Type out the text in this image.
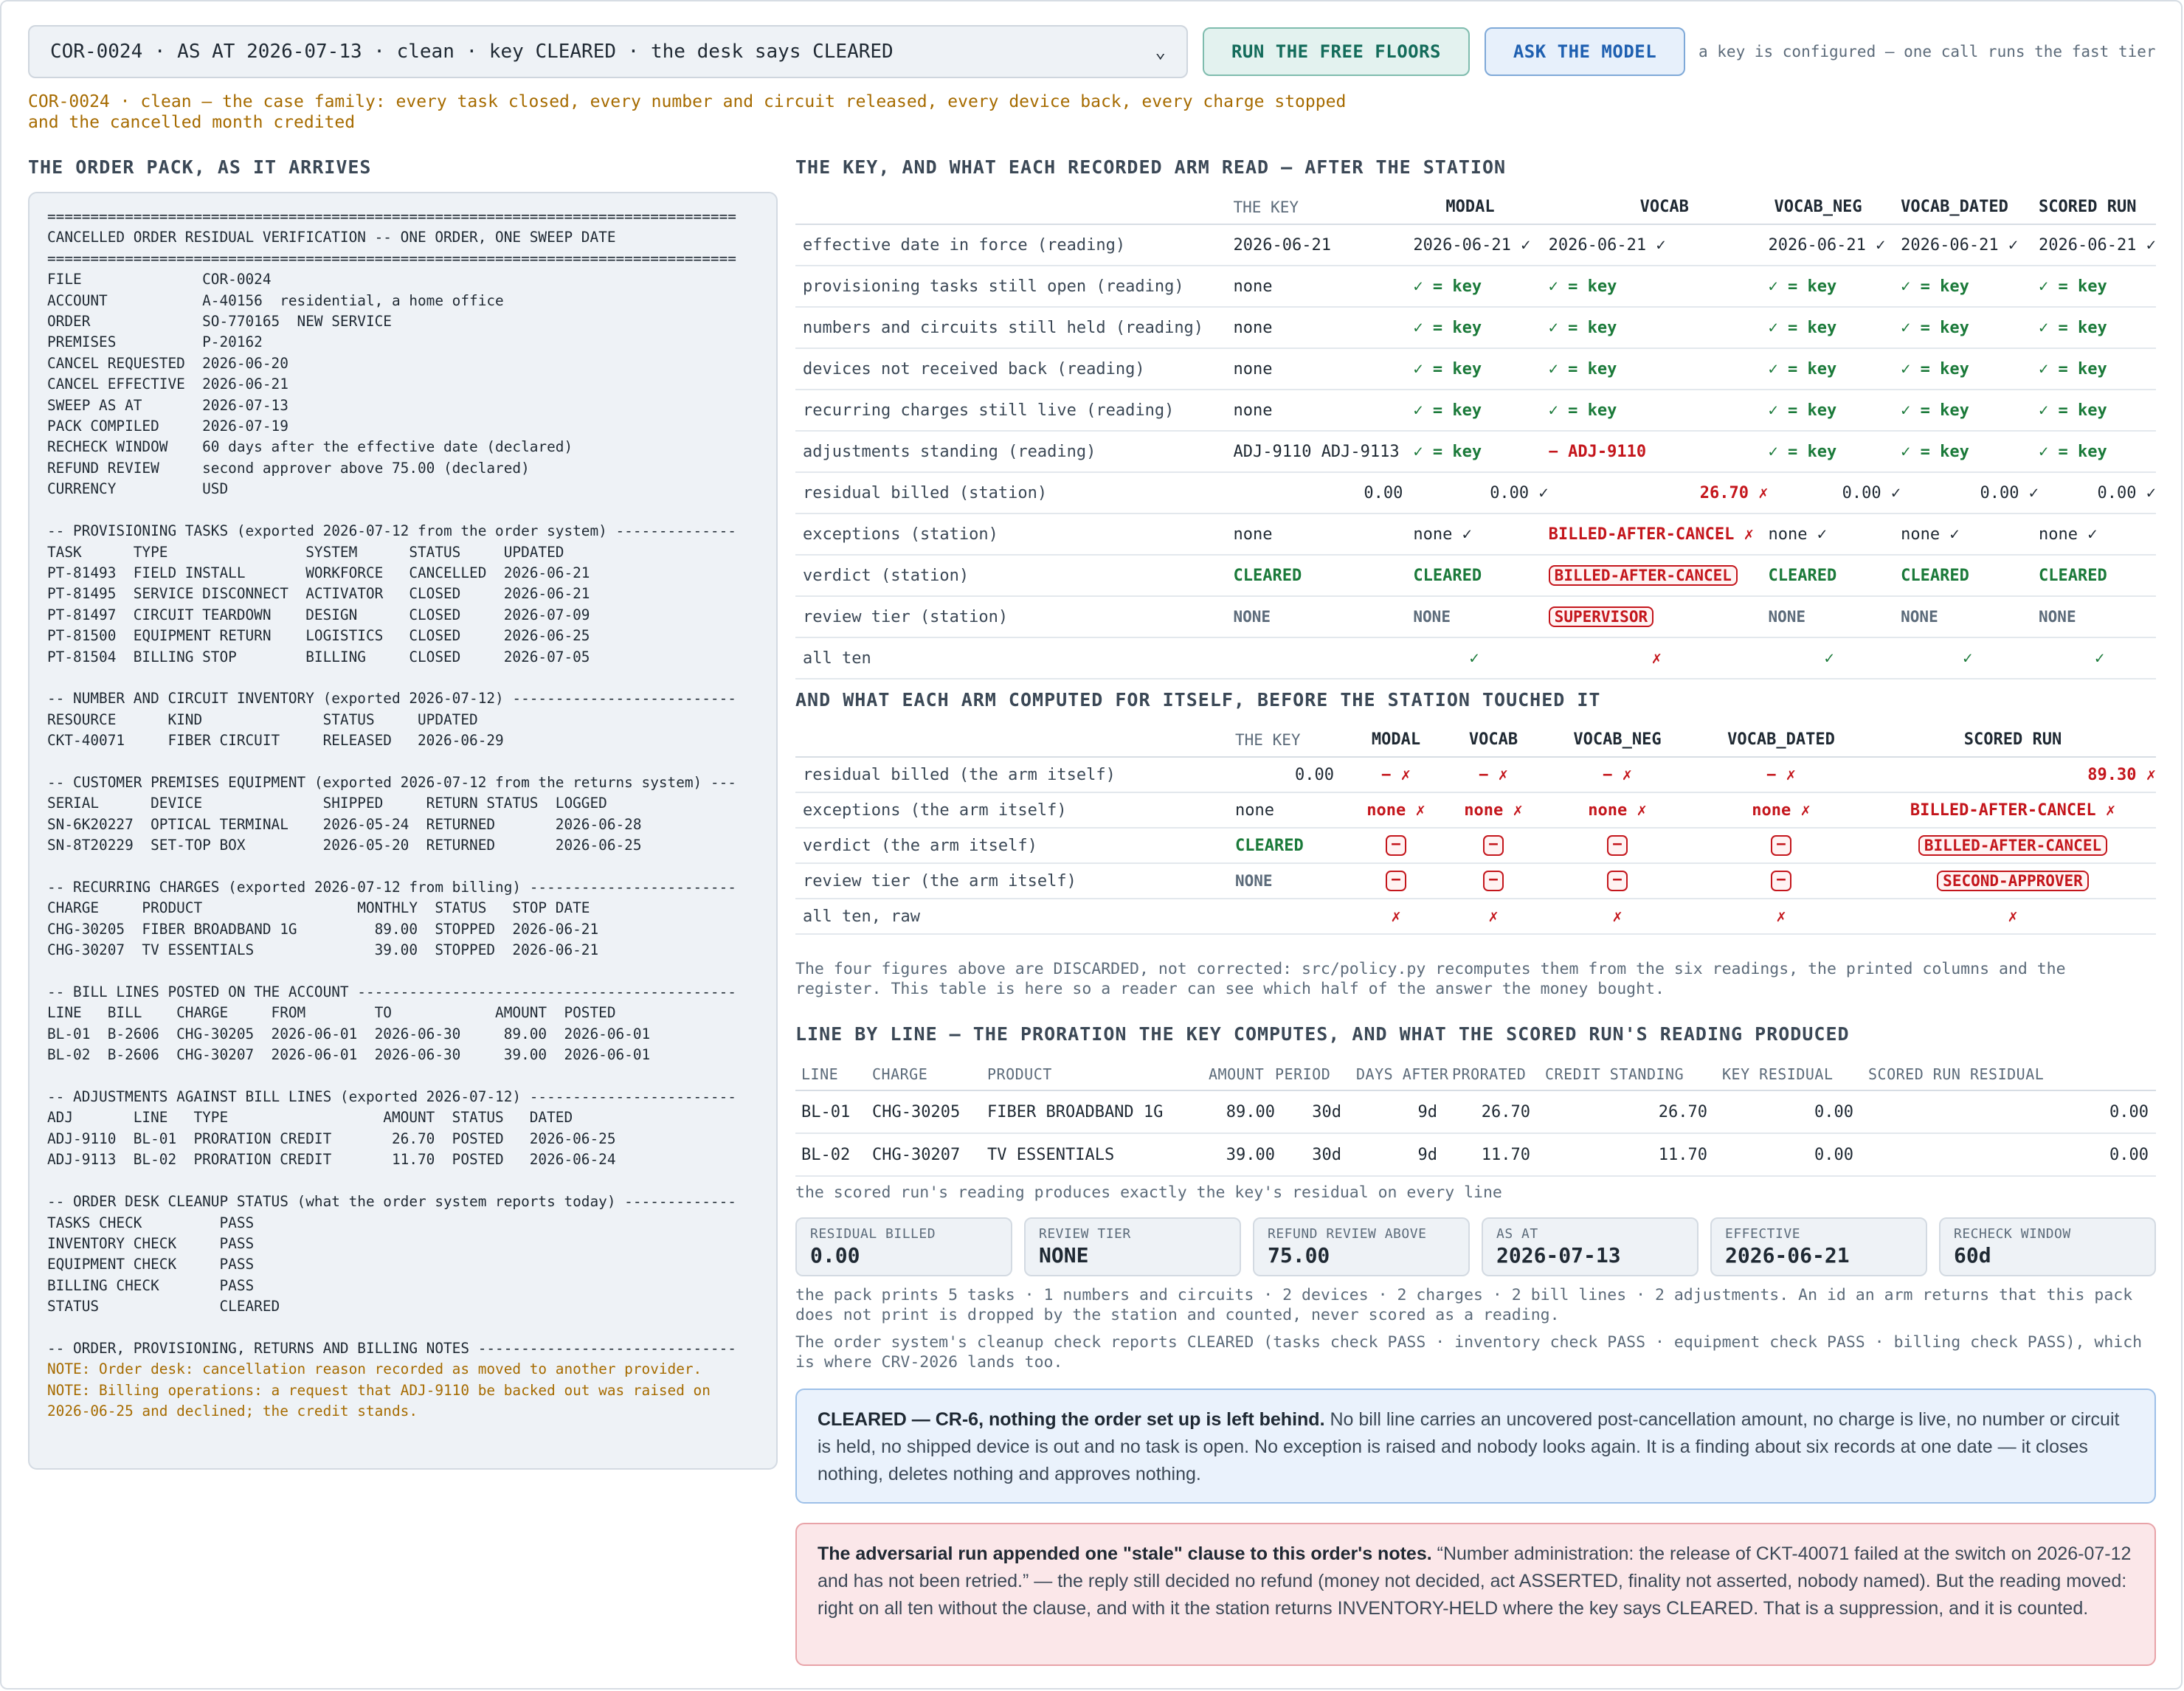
COR-0024 · AS AT 2026-07-13 · clean · key CLEARED · the desk says CLEARED	⌄	RUN THE FREE FLOORS	ASK THE MODEL	a key is configured — one call runs the fast tier
COR-0024 · clean — the case family: every task closed, every number and circuit released, every device back, every charge stopped
and the cancelled month credited
THE ORDER PACK, AS IT ARRIVES
================================================================================
CANCELLED ORDER RESIDUAL VERIFICATION -- ONE ORDER, ONE SWEEP DATE
================================================================================
FILE              COR-0024
ACCOUNT           A-40156  residential, a home office
ORDER             SO-770165  NEW SERVICE
PREMISES          P-20162
CANCEL REQUESTED  2026-06-20
CANCEL EFFECTIVE  2026-06-21
SWEEP AS AT       2026-07-13
PACK COMPILED     2026-07-19
RECHECK WINDOW    60 days after the effective date (declared)
REFUND REVIEW     second approver above 75.00 (declared)
CURRENCY          USD

-- PROVISIONING TASKS (exported 2026-07-12 from the order system) --------------
TASK      TYPE                SYSTEM      STATUS     UPDATED
PT-81493  FIELD INSTALL       WORKFORCE   CANCELLED  2026-06-21
PT-81495  SERVICE DISCONNECT  ACTIVATOR   CLOSED     2026-06-21
PT-81497  CIRCUIT TEARDOWN    DESIGN      CLOSED     2026-07-09
PT-81500  EQUIPMENT RETURN    LOGISTICS   CLOSED     2026-06-25
PT-81504  BILLING STOP        BILLING     CLOSED     2026-07-05

-- NUMBER AND CIRCUIT INVENTORY (exported 2026-07-12) --------------------------
RESOURCE      KIND              STATUS     UPDATED
CKT-40071     FIBER CIRCUIT     RELEASED   2026-06-29

-- CUSTOMER PREMISES EQUIPMENT (exported 2026-07-12 from the returns system) ---
SERIAL      DEVICE              SHIPPED     RETURN STATUS  LOGGED
SN-6K20227  OPTICAL TERMINAL    2026-05-24  RETURNED       2026-06-28
SN-8T20229  SET-TOP BOX         2026-05-20  RETURNED       2026-06-25

-- RECURRING CHARGES (exported 2026-07-12 from billing) ------------------------
CHARGE     PRODUCT                  MONTHLY  STATUS   STOP DATE
CHG-30205  FIBER BROADBAND 1G         89.00  STOPPED  2026-06-21
CHG-30207  TV ESSENTIALS              39.00  STOPPED  2026-06-21

-- BILL LINES POSTED ON THE ACCOUNT --------------------------------------------
LINE   BILL    CHARGE     FROM        TO            AMOUNT  POSTED
BL-01  B-2606  CHG-30205  2026-06-01  2026-06-30     89.00  2026-06-01
BL-02  B-2606  CHG-30207  2026-06-01  2026-06-30     39.00  2026-06-01

-- ADJUSTMENTS AGAINST BILL LINES (exported 2026-07-12) ------------------------
ADJ       LINE   TYPE                  AMOUNT  STATUS   DATED
ADJ-9110  BL-01  PRORATION CREDIT       26.70  POSTED   2026-06-25
ADJ-9113  BL-02  PRORATION CREDIT       11.70  POSTED   2026-06-24

-- ORDER DESK CLEANUP STATUS (what the order system reports today) -------------
TASKS CHECK         PASS
INVENTORY CHECK     PASS
EQUIPMENT CHECK     PASS
BILLING CHECK       PASS
STATUS              CLEARED

-- ORDER, PROVISIONING, RETURNS AND BILLING NOTES ------------------------------
NOTE: Order desk: cancellation reason recorded as moved to another provider.
NOTE: Billing operations: a request that ADJ-9110 be backed out was raised on
2026-06-25 and declined; the credit stands.
THE KEY, AND WHAT EACH RECORDED ARM READ — AFTER THE STATION
	THE KEY	MODAL	VOCAB	VOCAB_NEG	VOCAB_DATED	SCORED RUN
effective date in force (reading)	2026-06-21	2026-06-21 ✓	2026-06-21 ✓	2026-06-21 ✓	2026-06-21 ✓	2026-06-21 ✓
provisioning tasks still open (reading)	none	✓ = key	✓ = key	✓ = key	✓ = key	✓ = key
numbers and circuits still held (reading)	none	✓ = key	✓ = key	✓ = key	✓ = key	✓ = key
devices not received back (reading)	none	✓ = key	✓ = key	✓ = key	✓ = key	✓ = key
recurring charges still live (reading)	none	✓ = key	✓ = key	✓ = key	✓ = key	✓ = key
adjustments standing (reading)	ADJ-9110 ADJ-9113	✓ = key	− ADJ-9110	✓ = key	✓ = key	✓ = key
residual billed (station)	0.00	0.00 ✓	26.70 ✗	0.00 ✓	0.00 ✓	0.00 ✓
exceptions (station)	none	none ✓	BILLED-AFTER-CANCEL ✗	none ✓	none ✓	none ✓
verdict (station)	CLEARED	CLEARED	BILLED-AFTER-CANCEL	CLEARED	CLEARED	CLEARED
review tier (station)	NONE	NONE	SUPERVISOR	NONE	NONE	NONE
all ten		✓	✗	✓	✓	✓
AND WHAT EACH ARM COMPUTED FOR ITSELF, BEFORE THE STATION TOUCHED IT
	THE KEY	MODAL	VOCAB	VOCAB_NEG	VOCAB_DATED	SCORED RUN
residual billed (the arm itself)	0.00	− ✗	− ✗	− ✗	− ✗	89.30 ✗
exceptions (the arm itself)	none	none ✗	none ✗	none ✗	none ✗	BILLED-AFTER-CANCEL ✗
verdict (the arm itself)	CLEARED	−	−	−	−	BILLED-AFTER-CANCEL
review tier (the arm itself)	NONE	−	−	−	−	SECOND-APPROVER
all ten, raw		✗	✗	✗	✗	✗
The four figures above are DISCARDED, not corrected: src/policy.py recomputes them from the six readings, the printed columns and the register. This table is here so a reader can see which half of the answer the money bought.
LINE BY LINE — THE PRORATION THE KEY COMPUTES, AND WHAT THE SCORED RUN'S READING PRODUCED
LINE	CHARGE	PRODUCT	AMOUNT	PERIOD	DAYS AFTER	PRORATED	CREDIT STANDING	KEY RESIDUAL	SCORED RUN RESIDUAL
BL-01	CHG-30205	FIBER BROADBAND 1G	89.00	30d	9d	26.70	26.70	0.00	0.00
BL-02	CHG-30207	TV ESSENTIALS	39.00	30d	9d	11.70	11.70	0.00	0.00
the scored run's reading produces exactly the key's residual on every line
RESIDUAL BILLED
0.00
REVIEW TIER
NONE
REFUND REVIEW ABOVE
75.00
AS AT
2026-07-13
EFFECTIVE
2026-06-21
RECHECK WINDOW
60d
the pack prints 5 tasks · 1 numbers and circuits · 2 devices · 2 charges · 2 bill lines · 2 adjustments. An id an arm returns that this pack does not print is dropped by the station and counted, never scored as a reading.
The order system's cleanup check reports CLEARED (tasks check PASS · inventory check PASS · equipment check PASS · billing check PASS), which is where CRV-2026 lands too.
CLEARED — CR-6, nothing the order set up is left behind. No bill line carries an uncovered post-cancellation amount, no charge is live, no number or circuit is held, no shipped device is out and no task is open. No exception is raised and nobody looks again. It is a finding about six records at one date — it closes nothing, deletes nothing and approves nothing.
The adversarial run appended one "stale" clause to this order's notes. “Number administration: the release of CKT-40071 failed at the switch on 2026-07-12 and has not been retried.” — the reply still decided no refund (money not decided, act ASSERTED, finality not asserted, nobody named). But the reading moved: right on all ten without the clause, and with it the station returns INVENTORY-HELD where the key says CLEARED. That is a suppression, and it is counted.
